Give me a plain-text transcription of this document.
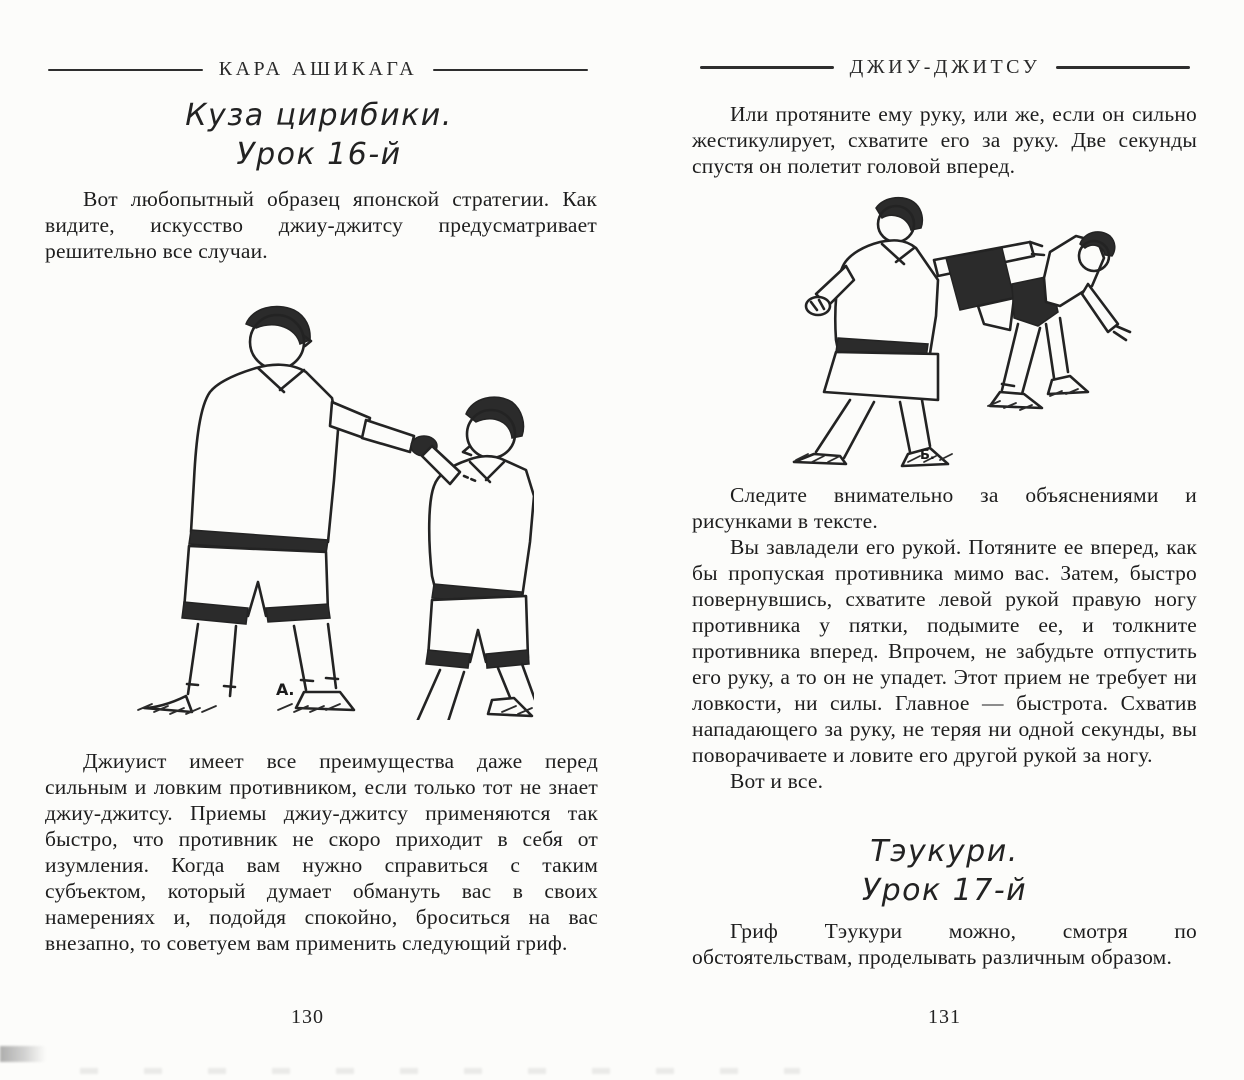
КАРА АШИКАГА
Куза цирибики.
Урок 16-й

Вот любопытный образец японской стратегии. Как видите, искусство джиу-джитсу предусматривает решительно все случаи.

А.

Джиуист имеет все преимущества даже перед сильным и ловким противником, если только тот не знает джиу-джитсу. Приемы джиу-джитсу применяются так быстро, что противник не скоро приходит в себя от изумления. Когда вам нужно справиться с таким субъектом, который думает обмануть вас в своих намерениях и, подойдя спокойно, броситься на вас внезапно, то советуем вам применить следующий гриф.

130
ДЖИУ-ДЖИТСУ

Или протяните ему руку, или же, если он сильно жестикулирует, схватите его за руку. Две секунды спустя он полетит головой вперед.

Б.

Следите внимательно за объяснениями и рисунками в тексте.

Вы завладели его рукой. Потяните ее вперед, как бы пропуская противника мимо вас. Затем, быстро повернувшись, схватите левой рукой правую ногу противника у пятки, подымите ее, и толкните противника вперед. Впрочем, не забудьте отпустить его руку, а то он не упадет. Этот прием не требует ни ловкости, ни силы. Главное — быстрота. Схватив нападающего за руку, не теряя ни одной секунды, вы поворачиваете и ловите его другой рукой за ногу.

Вот и все.

Тэукури.
Урок 17-й

Гриф Тэукури можно, смотря по обстоятельствам, проделывать различным образом.

131
